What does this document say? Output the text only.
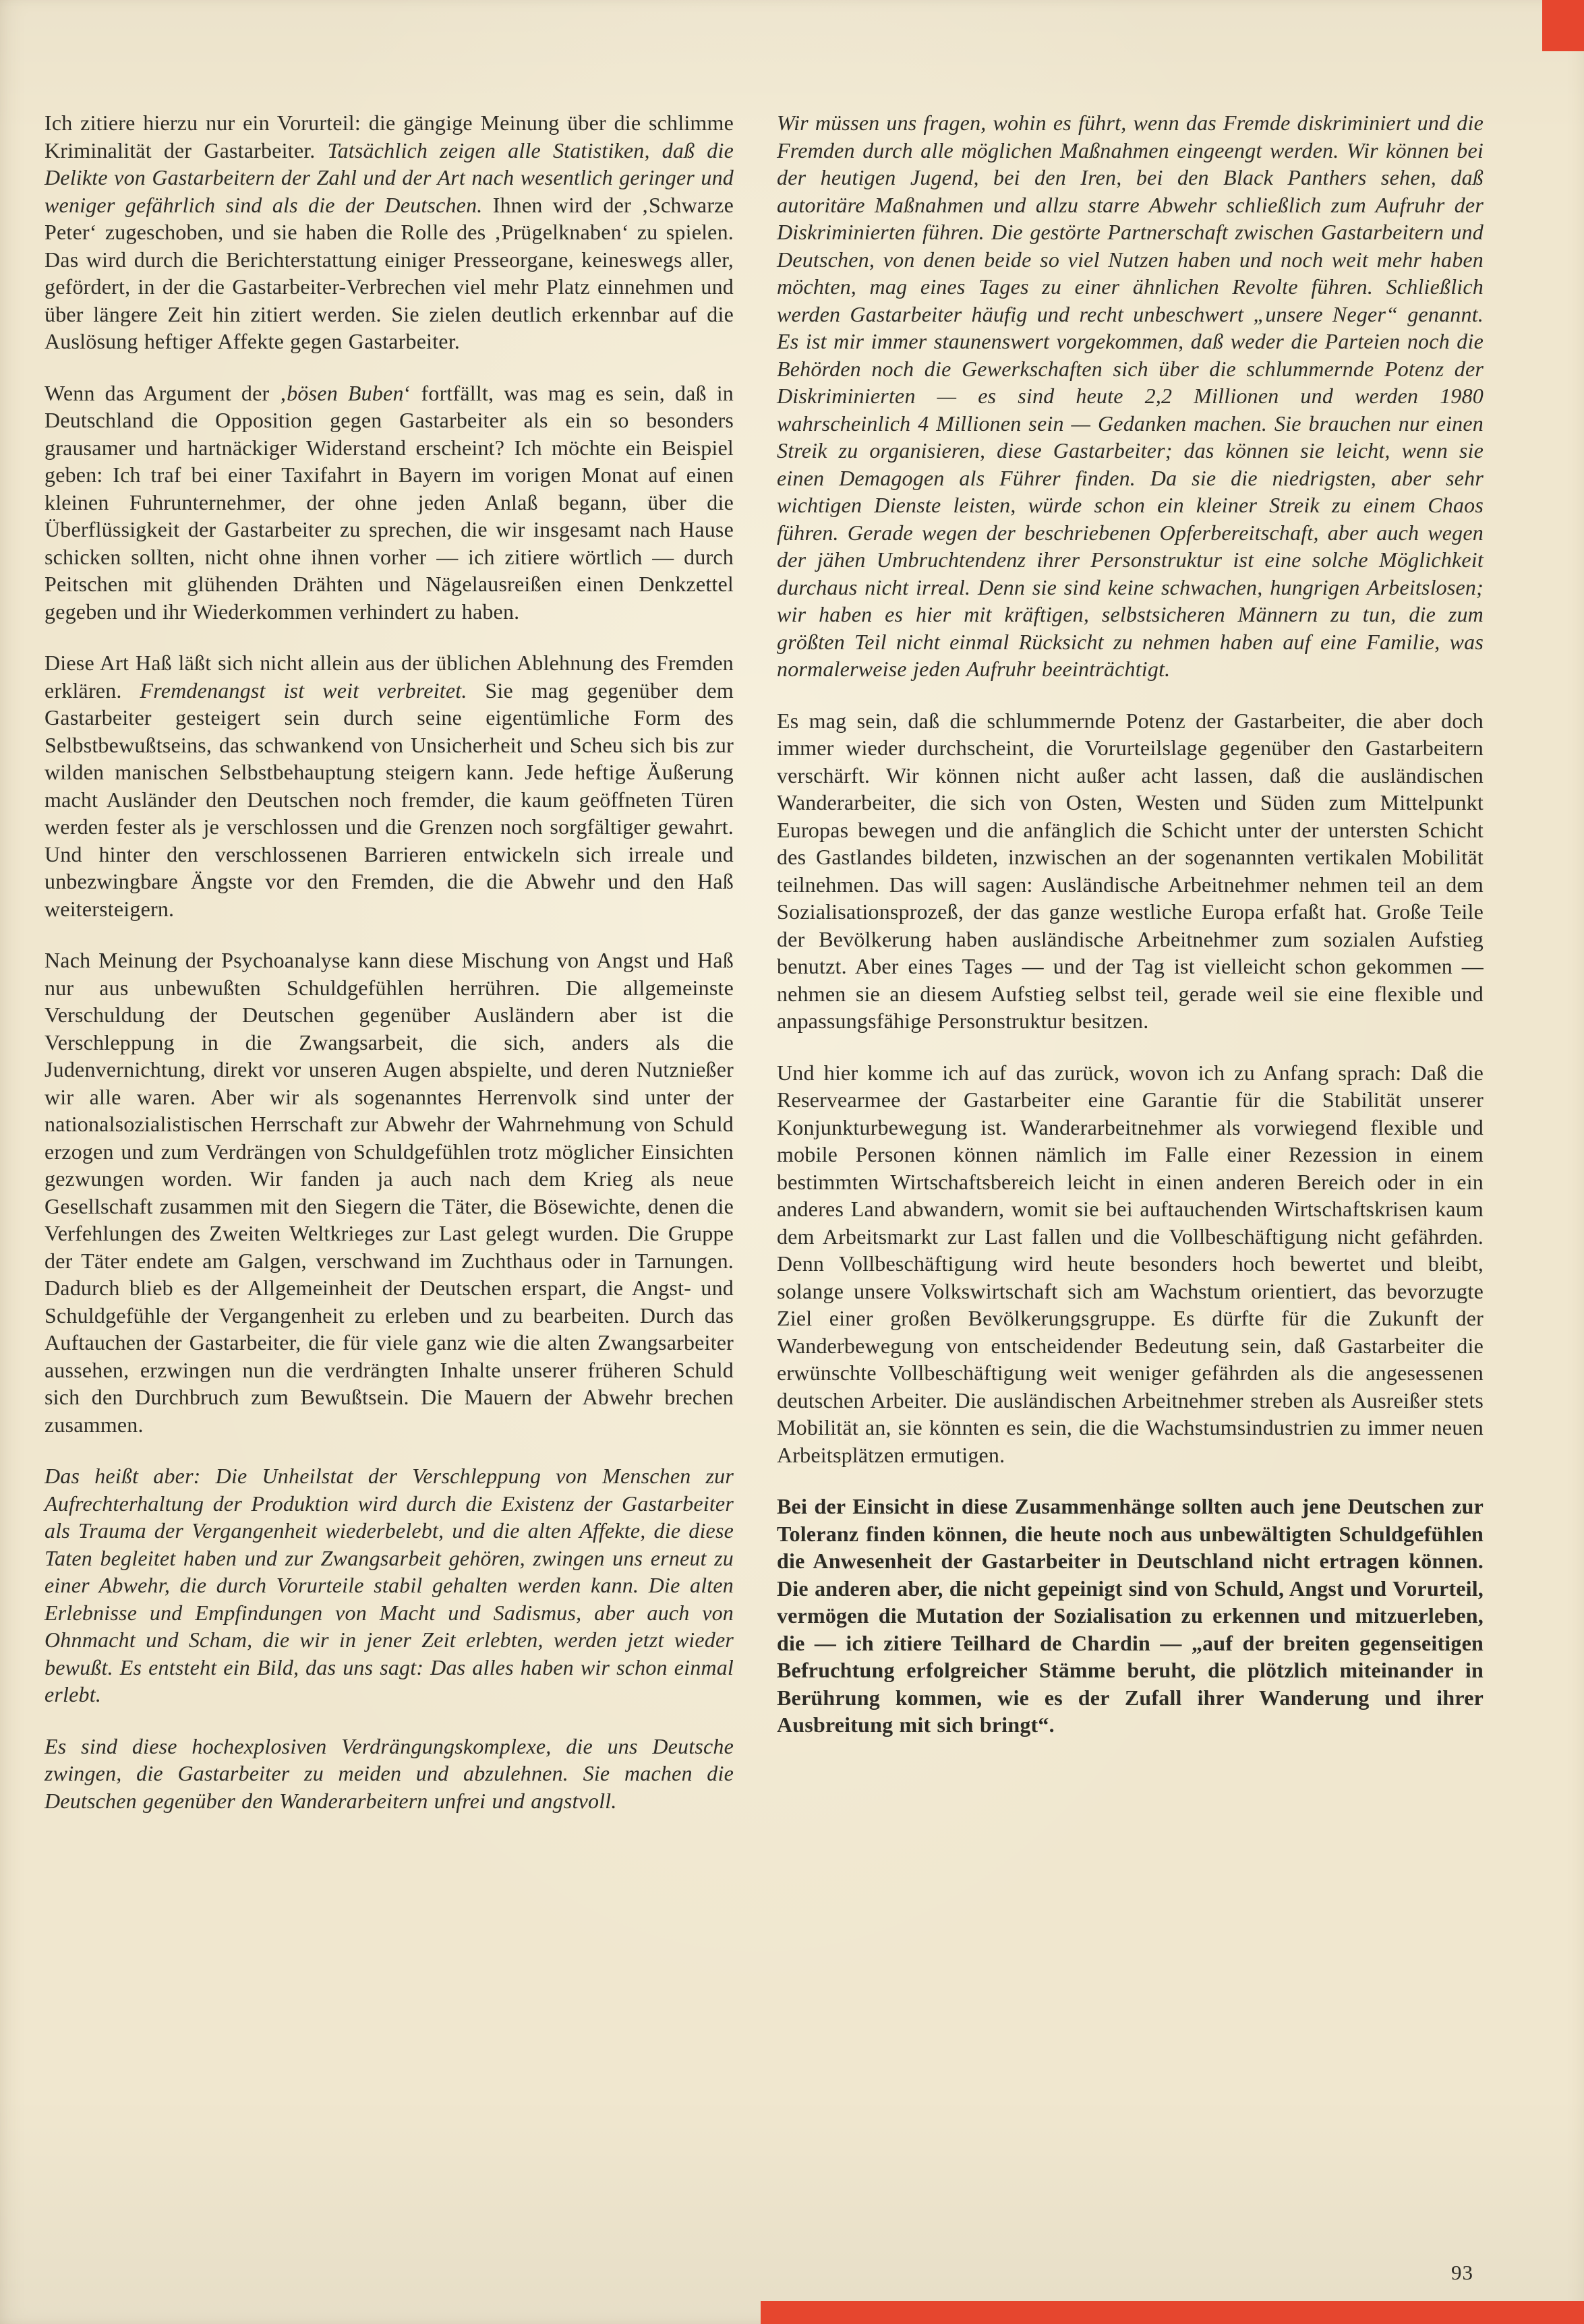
Ich zitiere hierzu nur ein Vorurteil: die gängige Meinung über die schlimme Kriminalität der Gastarbeiter. Tatsächlich zeigen alle Statistiken, daß die Delikte von Gastarbeitern der Zahl und der Art nach wesentlich geringer und weniger gefährlich sind als die der Deutschen. Ihnen wird der ‚Schwarze Peter‘ zugeschoben, und sie haben die Rolle des ‚Prügelknaben‘ zu spielen. Das wird durch die Berichterstattung einiger Presseorgane, keineswegs aller, gefördert, in der die Gastarbeiter-Verbrechen viel mehr Platz einnehmen und über längere Zeit hin zitiert werden. Sie zielen deutlich erkennbar auf die Auslösung heftiger Affekte gegen Gastarbeiter.

Wenn das Argument der ‚bösen Buben‘ fortfällt, was mag es sein, daß in Deutschland die Opposition gegen Gastarbeiter als ein so besonders grausamer und hartnäckiger Widerstand erscheint? Ich möchte ein Beispiel geben: Ich traf bei einer Taxifahrt in Bayern im vorigen Monat auf einen kleinen Fuhrunternehmer, der ohne jeden Anlaß begann, über die Überflüssigkeit der Gastarbeiter zu sprechen, die wir insgesamt nach Hause schicken sollten, nicht ohne ihnen vorher — ich zitiere wörtlich — durch Peitschen mit glühenden Drähten und Nägelausreißen einen Denkzettel gegeben und ihr Wiederkommen verhindert zu haben.

Diese Art Haß läßt sich nicht allein aus der üblichen Ablehnung des Fremden erklären. Fremdenangst ist weit verbreitet. Sie mag gegenüber dem Gastarbeiter gesteigert sein durch seine eigentümliche Form des Selbstbewußtseins, das schwankend von Unsicherheit und Scheu sich bis zur wilden manischen Selbstbehauptung steigern kann. Jede heftige Äußerung macht Ausländer den Deutschen noch fremder, die kaum geöffneten Türen werden fester als je verschlossen und die Grenzen noch sorgfältiger gewahrt. Und hinter den verschlossenen Barrieren entwickeln sich irreale und unbezwingbare Ängste vor den Fremden, die die Abwehr und den Haß weitersteigern.

Nach Meinung der Psychoanalyse kann diese Mischung von Angst und Haß nur aus unbewußten Schuldgefühlen herrühren. Die allgemeinste Verschuldung der Deutschen gegenüber Ausländern aber ist die Verschleppung in die Zwangsarbeit, die sich, anders als die Judenvernichtung, direkt vor unseren Augen abspielte, und deren Nutznießer wir alle waren. Aber wir als sogenanntes Herrenvolk sind unter der nationalsozialistischen Herrschaft zur Abwehr der Wahrnehmung von Schuld erzogen und zum Verdrängen von Schuldgefühlen trotz möglicher Einsichten gezwungen worden. Wir fanden ja auch nach dem Krieg als neue Gesellschaft zusammen mit den Siegern die Täter, die Bösewichte, denen die Verfehlungen des Zweiten Weltkrieges zur Last gelegt wurden. Die Gruppe der Täter endete am Galgen, verschwand im Zuchthaus oder in Tarnungen. Dadurch blieb es der Allgemeinheit der Deutschen erspart, die Angst- und Schuldgefühle der Vergangenheit zu erleben und zu bearbeiten. Durch das Auftauchen der Gastarbeiter, die für viele ganz wie die alten Zwangsarbeiter aussehen, erzwingen nun die verdrängten Inhalte unserer früheren Schuld sich den Durchbruch zum Bewußtsein. Die Mauern der Abwehr brechen zusammen.

Das heißt aber: Die Unheilstat der Verschleppung von Menschen zur Aufrechterhaltung der Produktion wird durch die Existenz der Gastarbeiter als Trauma der Vergangenheit wiederbelebt, und die alten Affekte, die diese Taten begleitet haben und zur Zwangsarbeit gehören, zwingen uns erneut zu einer Abwehr, die durch Vorurteile stabil gehalten werden kann. Die alten Erlebnisse und Empfindungen von Macht und Sadismus, aber auch von Ohnmacht und Scham, die wir in jener Zeit erlebten, werden jetzt wieder bewußt. Es entsteht ein Bild, das uns sagt: Das alles haben wir schon einmal erlebt.

Es sind diese hochexplosiven Verdrängungskomplexe, die uns Deutsche zwingen, die Gastarbeiter zu meiden und abzulehnen. Sie machen die Deutschen gegenüber den Wanderarbeitern unfrei und angstvoll.

Wir müssen uns fragen, wohin es führt, wenn das Fremde diskriminiert und die Fremden durch alle möglichen Maßnahmen eingeengt werden. Wir können bei der heutigen Jugend, bei den Iren, bei den Black Panthers sehen, daß autoritäre Maßnahmen und allzu starre Abwehr schließlich zum Aufruhr der Diskriminierten führen. Die gestörte Partnerschaft zwischen Gastarbeitern und Deutschen, von denen beide so viel Nutzen haben und noch weit mehr haben möchten, mag eines Tages zu einer ähnlichen Revolte führen. Schließlich werden Gastarbeiter häufig und recht unbeschwert „unsere Neger“ genannt. Es ist mir immer staunenswert vorgekommen, daß weder die Parteien noch die Behörden noch die Gewerkschaften sich über die schlummernde Potenz der Diskriminierten — es sind heute 2,2 Millionen und werden 1980 wahrscheinlich 4 Millionen sein — Gedanken machen. Sie brauchen nur einen Streik zu organisieren, diese Gastarbeiter; das können sie leicht, wenn sie einen Demagogen als Führer finden. Da sie die niedrigsten, aber sehr wichtigen Dienste leisten, würde schon ein kleiner Streik zu einem Chaos führen. Gerade wegen der beschriebenen Opferbereitschaft, aber auch wegen der jähen Umbruchtendenz ihrer Personstruktur ist eine solche Möglichkeit durchaus nicht irreal. Denn sie sind keine schwachen, hungrigen Arbeitslosen; wir haben es hier mit kräftigen, selbstsicheren Männern zu tun, die zum größten Teil nicht einmal Rücksicht zu nehmen haben auf eine Familie, was normalerweise jeden Aufruhr beeinträchtigt.

Es mag sein, daß die schlummernde Potenz der Gastarbeiter, die aber doch immer wieder durchscheint, die Vorurteilslage gegenüber den Gastarbeitern verschärft. Wir können nicht außer acht lassen, daß die ausländischen Wanderarbeiter, die sich von Osten, Westen und Süden zum Mittelpunkt Europas bewegen und die anfänglich die Schicht unter der untersten Schicht des Gastlandes bildeten, inzwischen an der sogenannten vertikalen Mobilität teilnehmen. Das will sagen: Ausländische Arbeitnehmer nehmen teil an dem Sozialisationsprozeß, der das ganze westliche Europa erfaßt hat. Große Teile der Bevölkerung haben ausländische Arbeitnehmer zum sozialen Aufstieg benutzt. Aber eines Tages — und der Tag ist vielleicht schon gekommen — nehmen sie an diesem Aufstieg selbst teil, gerade weil sie eine flexible und anpassungsfähige Personstruktur besitzen.

Und hier komme ich auf das zurück, wovon ich zu Anfang sprach: Daß die Reservearmee der Gastarbeiter eine Garantie für die Stabilität unserer Konjunkturbewegung ist. Wanderarbeitnehmer als vorwiegend flexible und mobile Personen können nämlich im Falle einer Rezession in einem bestimmten Wirtschaftsbereich leicht in einen anderen Bereich oder in ein anderes Land abwandern, womit sie bei auftauchenden Wirtschaftskrisen kaum dem Arbeitsmarkt zur Last fallen und die Vollbeschäftigung nicht gefährden. Denn Vollbeschäftigung wird heute besonders hoch bewertet und bleibt, solange unsere Volkswirtschaft sich am Wachstum orientiert, das bevorzugte Ziel einer großen Bevölkerungsgruppe. Es dürfte für die Zukunft der Wanderbewegung von entscheidender Bedeutung sein, daß Gastarbeiter die erwünschte Vollbeschäftigung weit weniger gefährden als die angesessenen deutschen Arbeiter. Die ausländischen Arbeitnehmer streben als Ausreißer stets Mobilität an, sie könnten es sein, die die Wachstumsindustrien zu immer neuen Arbeitsplätzen ermutigen.

Bei der Einsicht in diese Zusammenhänge sollten auch jene Deutschen zur Toleranz finden können, die heute noch aus unbewältigten Schuldgefühlen die Anwesenheit der Gastarbeiter in Deutschland nicht ertragen können. Die anderen aber, die nicht gepeinigt sind von Schuld, Angst und Vorurteil, vermögen die Mutation der Sozialisation zu erkennen und mitzuerleben, die — ich zitiere Teilhard de Chardin — „auf der breiten gegenseitigen Befruchtung erfolgreicher Stämme beruht, die plötzlich miteinander in Berührung kommen, wie es der Zufall ihrer Wanderung und ihrer Ausbreitung mit sich bringt“.

93
